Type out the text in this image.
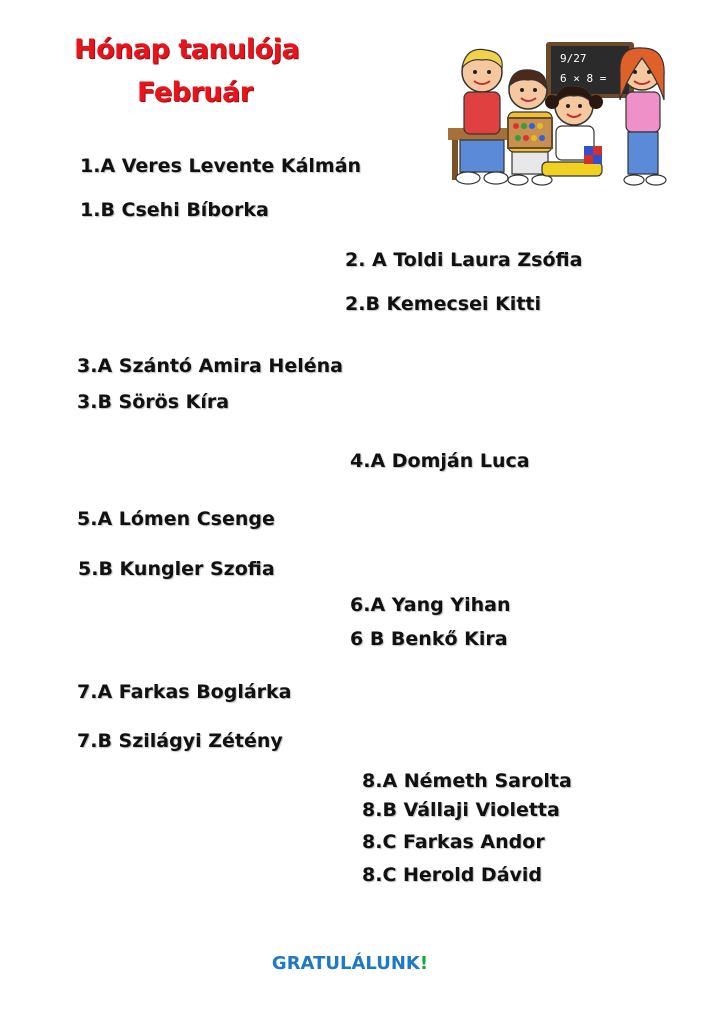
Hónap tanulója
Február
9/27
6 × 8 =
1.A Veres Levente Kálmán
1.B Csehi Bíborka
2. A Toldi Laura Zsófia
2.B Kemecsei Kitti
3.A Szántó Amira Heléna
3.B Sörös Kíra
4.A Domján Luca
5.A Lómen Csenge
5.B Kungler Szofia
6.A Yang Yihan
6 B Benkő Kira
7.A Farkas Boglárka
7.B Szilágyi Zétény
8.A Németh Sarolta
8.B Vállaji Violetta
8.C Farkas Andor
8.C Herold Dávid
GRATULÁLUNK!
